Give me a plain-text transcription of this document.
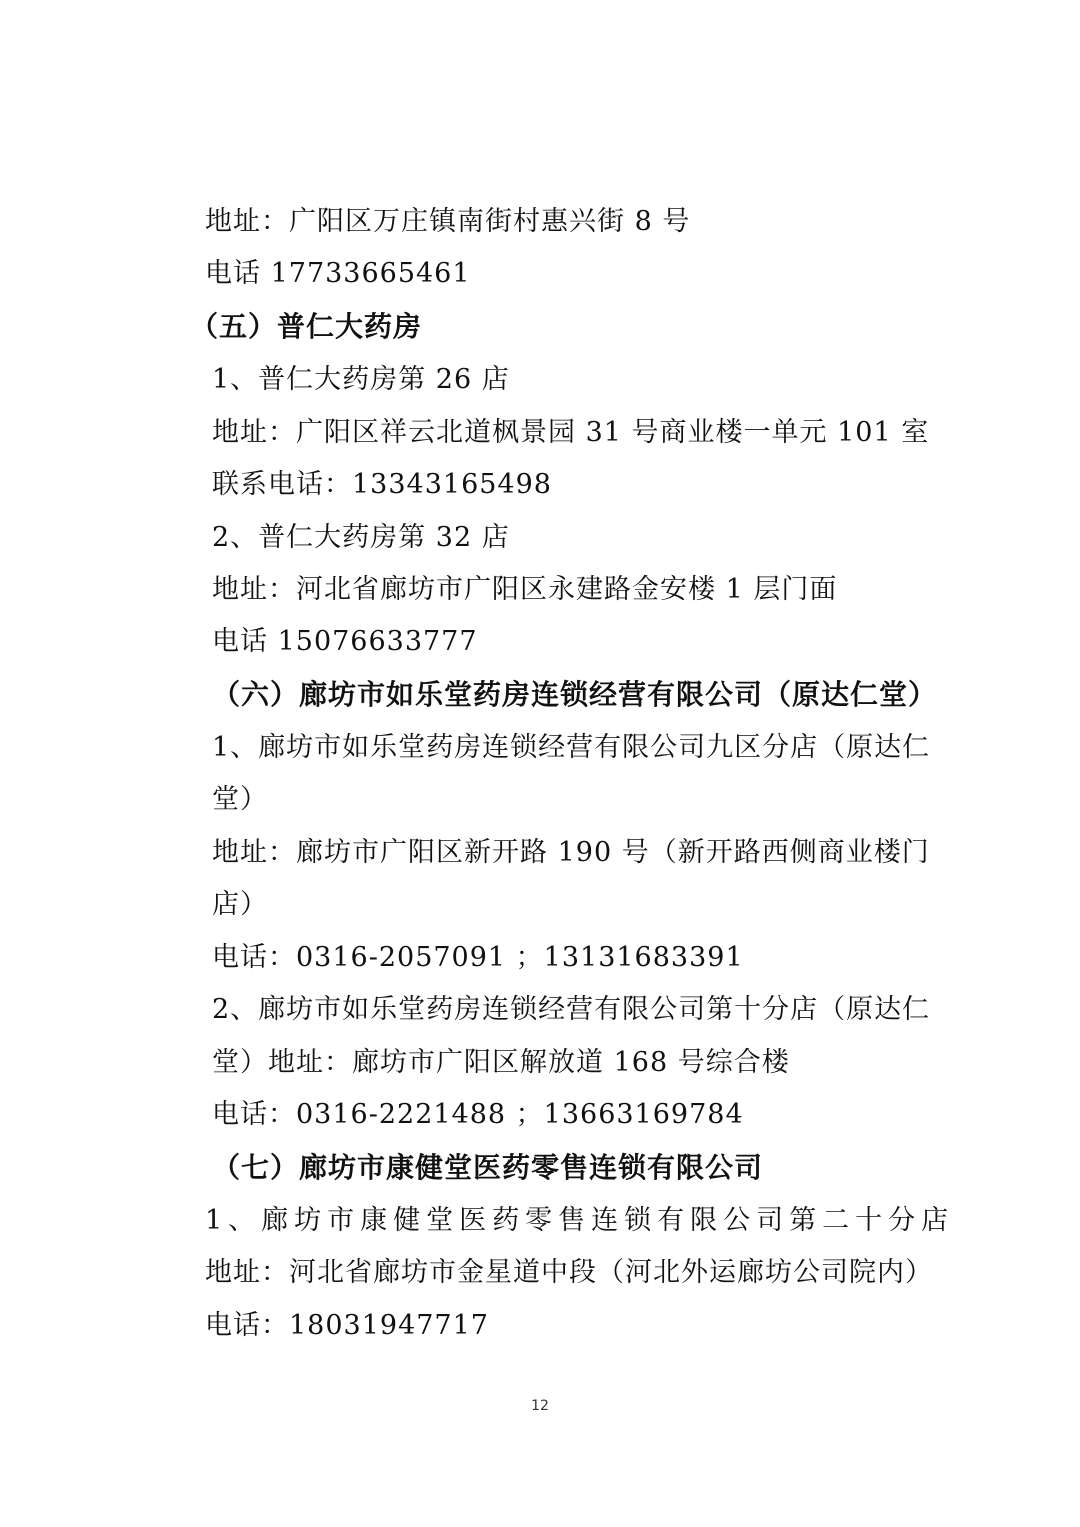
地址：广阳区万庄镇南街村惠兴街 8 号
电话 17733665461
（五）普仁大药房
1、普仁大药房第 26 店
地址：广阳区祥云北道枫景园 31 号商业楼一单元 101 室
联系电话：13343165498
2、普仁大药房第 32 店
地址：河北省廊坊市广阳区永建路金安楼 1 层门面
电话 15076633777
（六）廊坊市如乐堂药房连锁经营有限公司（原达仁堂）
1、廊坊市如乐堂药房连锁经营有限公司九区分店（原达仁
堂）
地址：廊坊市广阳区新开路 190 号（新开路西侧商业楼门
店）
电话：0316-2057091 ；13131683391
2、廊坊市如乐堂药房连锁经营有限公司第十分店（原达仁
堂）地址：廊坊市广阳区解放道 168 号综合楼
电话：0316-2221488 ；13663169784
（七）廊坊市康健堂医药零售连锁有限公司
1、廊坊市康健堂医药零售连锁有限公司第二十分店
地址：河北省廊坊市金星道中段（河北外运廊坊公司院内）
电话：18031947717
12
